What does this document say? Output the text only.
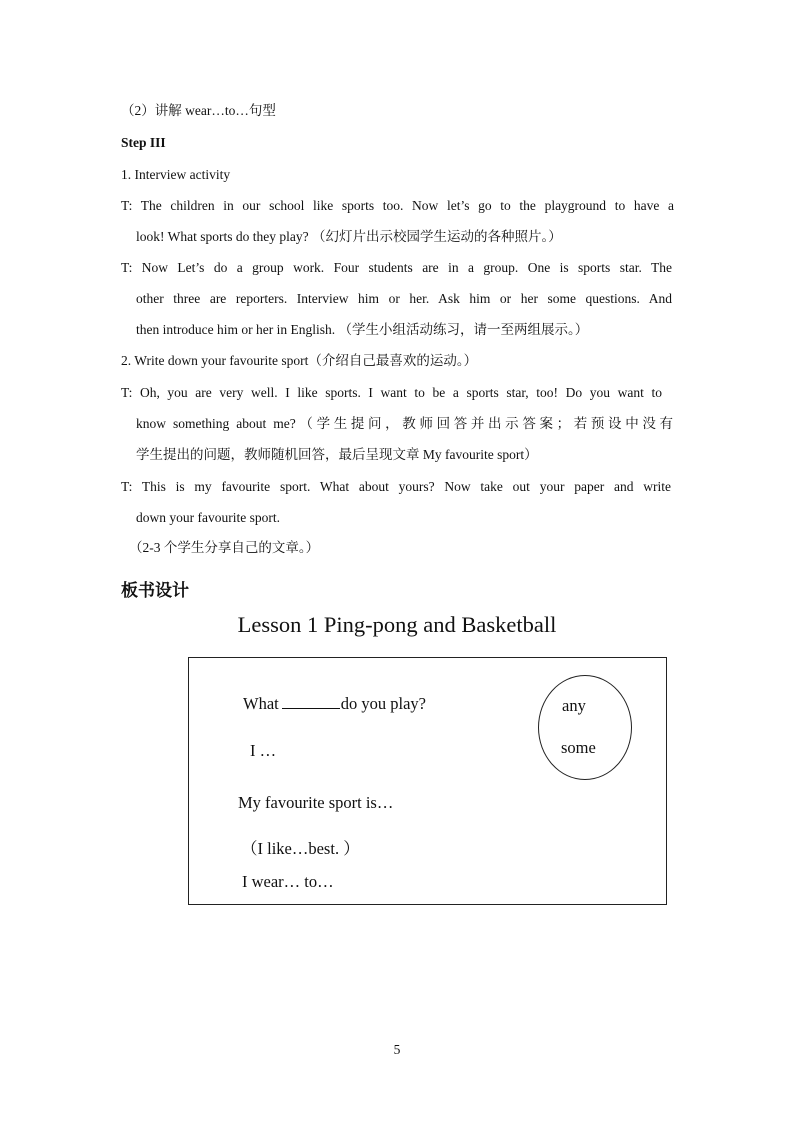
（2）讲解 wear…to…句型
Step III
1. Interview activity
T: The children in our school like sports too. Now let’s go to the playground to have a
look! What sports do they play? （幻灯片出示校园学生运动的各种照片。）
T: Now Let’s do a group work. Four students are in a group. One is sports star. The
other three are reporters. Interview him or her. Ask him or her some questions. And
then introduce him or her in English. （学生小组活动练习，请一至两组展示。）
2. Write down your favourite sport（介绍自己最喜欢的运动。）
T: Oh, you are very well. I like sports. I want to be a sports star, too! Do you want to
know something about me?（学生提问，教师回答并出示答案；若预设中没有
学生提出的问题，教师随机回答，最后呈现文章 My favourite sport）
T: This is my favourite sport. What about yours? Now take out your paper and write
down your favourite sport.
（2-3 个学生分享自己的文章。）
板书设计
Lesson 1 Ping-pong and Basketball
What	do you play?
I …
My favourite sport is…
（I like…best. ）
I wear… to…
any
some
5
